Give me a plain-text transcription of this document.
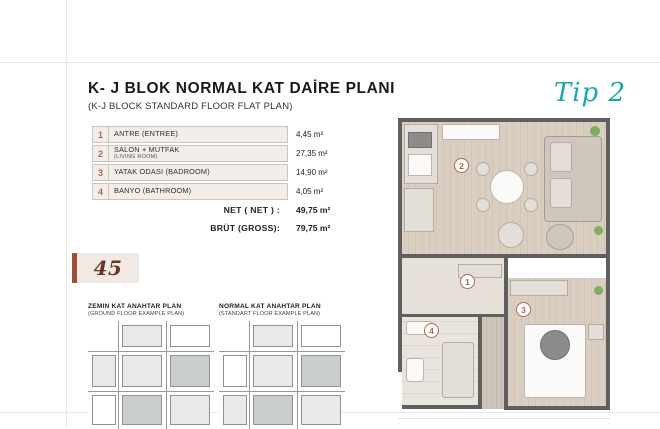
K- J BLOK NORMAL KAT DAİRE PLANI
(K-J BLOCK STANDARD FLOOR FLAT PLAN)	Tip 2
1	ANTRE (ENTREE)	4,45 m²
2	SALON + MUTFAK
(LIVING ROOM)	27,35 m²
3	YATAK ODASI (BADROOM)	14,90 m²
4	BANYO (BATHROOM)	4,05 m²
NET ( NET ) :	49,75 m²
BRÜT (GROSS):	79,75 m²
45
ZEMIN KAT ANAHTAR PLAN
(GROUND FLOOR EXAMPLE PLAN)
NORMAL KAT ANAHTAR PLAN
(STANDART FLOOR EXAMPLE PLAN)
2
1
4
3
